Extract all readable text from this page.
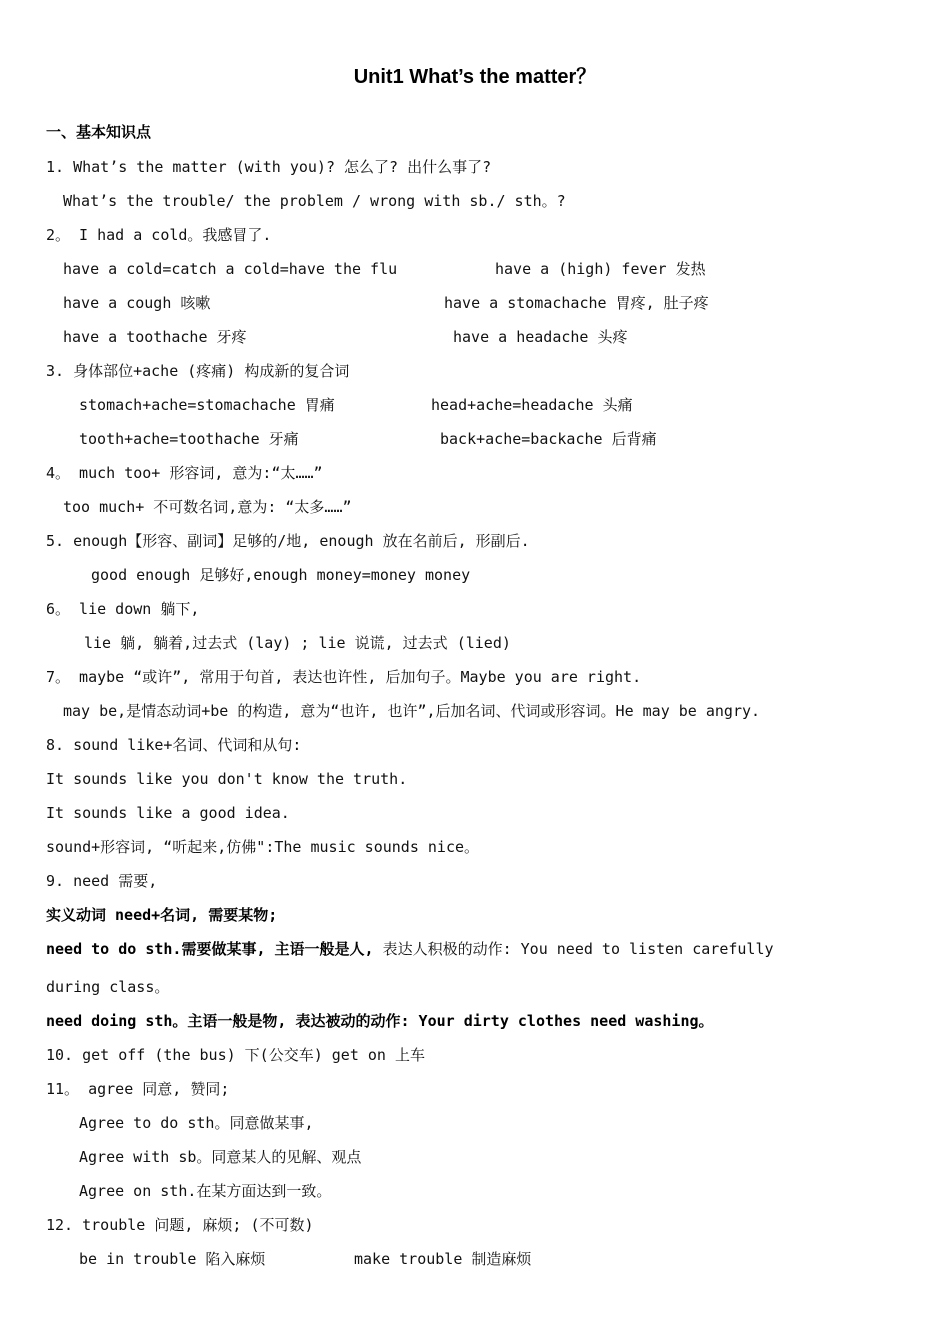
Unit1 What’s the matter？
一、基本知识点
1. What’s the matter (with you)? 怎么了? 出什么事了?
What’s the trouble/ the problem / wrong with sb./ sth。?
2。 I had a cold。我感冒了.
have a cold=catch a cold=have the flu	have a (high) fever 发热
have a cough 咳嗽	have a stomachache 胃疼, 肚子疼
have a toothache 牙疼	have a headache 头疼
3. 身体部位+ache (疼痛) 构成新的复合词
stomach+ache=stomachache 胃痛	head+ache=headache 头痛
tooth+ache=toothache 牙痛	back+ache=backache 后背痛
4。 much too+ 形容词, 意为:“太……”
too much+ 不可数名词,意为: “太多……”
5. enough【形容、副词】足够的/地, enough 放在名前后, 形副后.
good enough 足够好,enough money=money money
6。 lie down 躺下,
lie 躺, 躺着,过去式 (lay) ; lie 说谎, 过去式 (lied)
7。 maybe “或许”, 常用于句首, 表达也许性, 后加句子。Maybe you are right.
may be,是情态动词+be 的构造, 意为“也许, 也许”,后加名词、代词或形容词。He may be angry.
8. sound like+名词、代词和从句:
It sounds like you don't know the truth.
It sounds like a good idea.
sound+形容词, “听起来,仿佛":The music sounds nice。
9. need 需要,
实义动词 need+名词, 需要某物;
need to do sth.需要做某事, 主语一般是人, 表达人积极的动作: You need to listen carefully
during class。
need doing sth。主语一般是物, 表达被动的动作: Your dirty clothes need washing。
10. get off (the bus) 下(公交车) get on 上车
11。 agree 同意, 赞同;
Agree to do sth。同意做某事,
Agree with sb。同意某人的见解、观点
Agree on sth.在某方面达到一致。
12. trouble 问题, 麻烦; (不可数)
be in trouble 陷入麻烦	make trouble 制造麻烦
